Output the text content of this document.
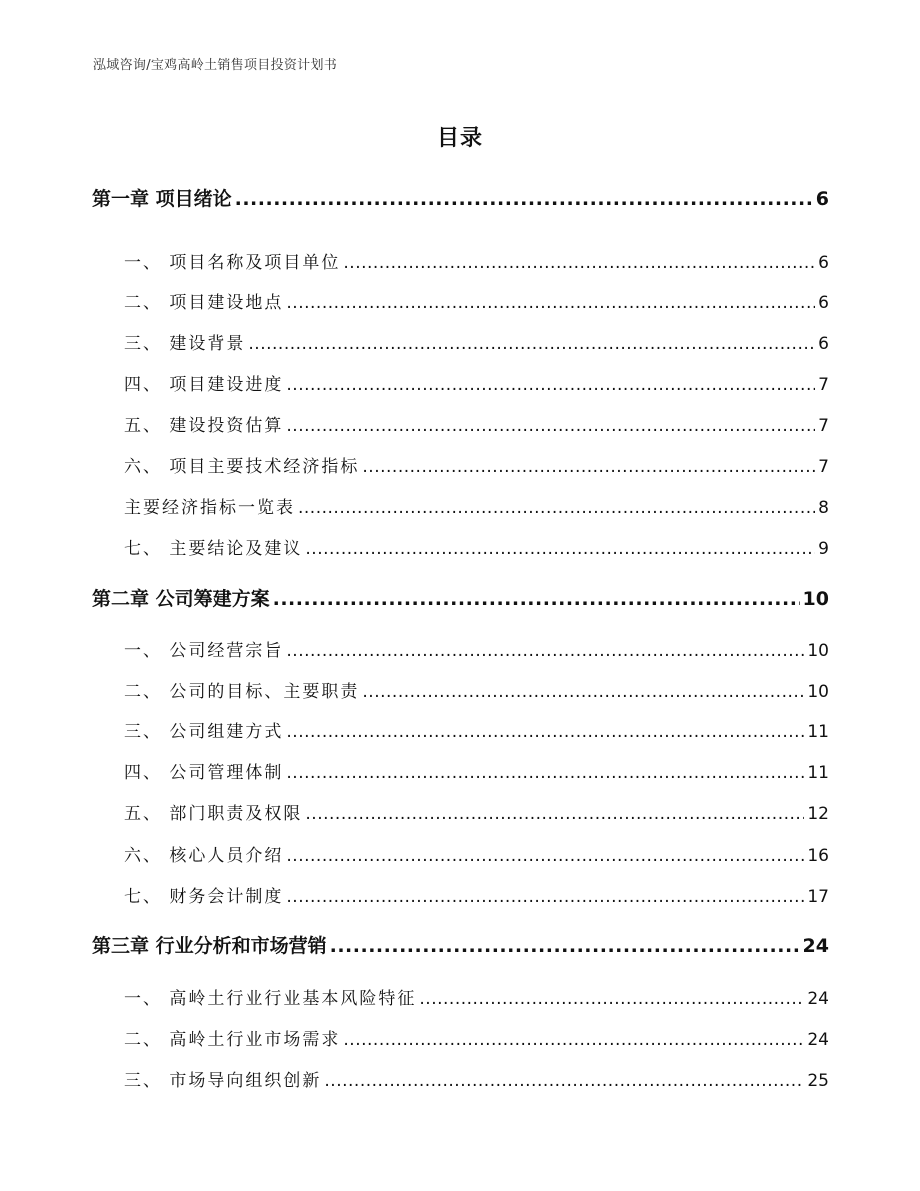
泓域咨询/宝鸡高岭土销售项目投资计划书
目录
第一章 项目绪论 .....	6
一、 项目名称及项目单位 .....	6
二、 项目建设地点 .....	6
三、 建设背景 .....	6
四、 项目建设进度 .....	7
五、 建设投资估算 .....	7
六、 项目主要技术经济指标 .....	7
主要经济指标一览表 .....	8
七、 主要结论及建议 .....	9
第二章 公司筹建方案 .....	10
一、 公司经营宗旨 .....	10
二、 公司的目标、主要职责 .....	10
三、 公司组建方式 .....	11
四、 公司管理体制 .....	11
五、 部门职责及权限 .....	12
六、 核心人员介绍 .....	16
七、 财务会计制度 .....	17
第三章 行业分析和市场营销 .....	24
一、 高岭土行业行业基本风险特征 .....	24
二、 高岭土行业市场需求 .....	24
三、 市场导向组织创新 .....	25
